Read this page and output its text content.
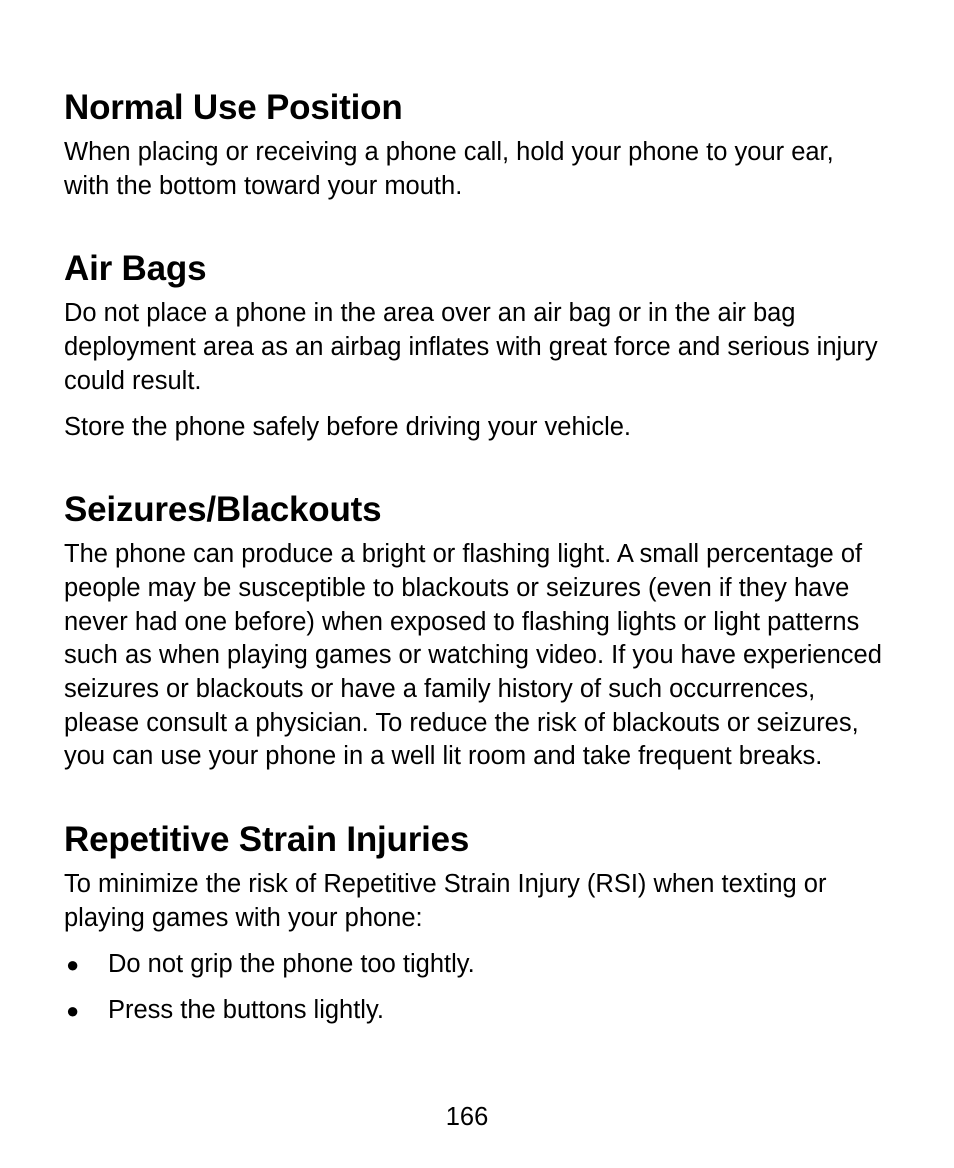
Normal Use Position

When placing or receiving a phone call, hold your phone to your ear, with the bottom toward your mouth.

Air Bags

Do not place a phone in the area over an air bag or in the air bag deployment area as an airbag inflates with great force and serious injury could result.

Store the phone safely before driving your vehicle.

Seizures/Blackouts

The phone can produce a bright or flashing light. A small percentage of people may be susceptible to blackouts or seizures (even if they have never had one before) when exposed to flashing lights or light patterns such as when playing games or watching video. If you have experienced seizures or blackouts or have a family history of such occurrences, please consult a physician. To reduce the risk of blackouts or seizures, you can use your phone in a well lit room and take frequent breaks.

Repetitive Strain Injuries

To minimize the risk of Repetitive Strain Injury (RSI) when texting or playing games with your phone:

● Do not grip the phone too tightly.
● Press the buttons lightly.
166
